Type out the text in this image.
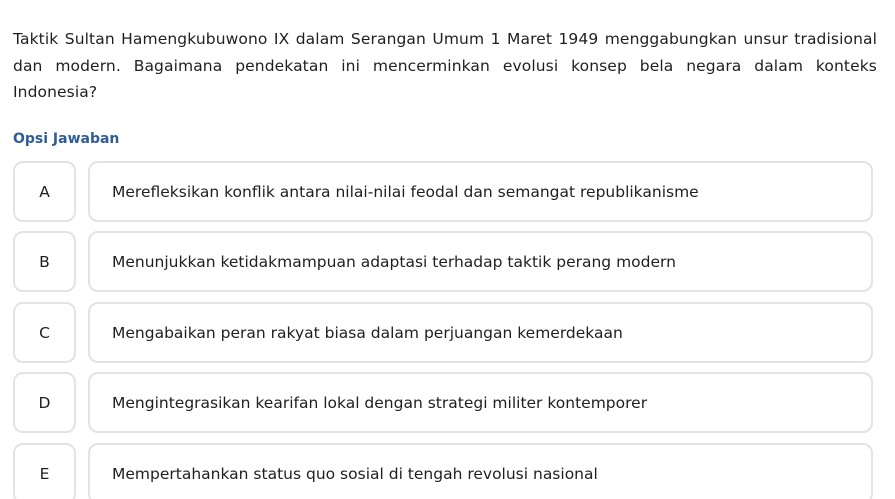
Taktik Sultan Hamengkubuwono IX dalam Serangan Umum 1 Maret 1949 menggabungkan unsur tradisional dan modern. Bagaimana pendekatan ini mencerminkan evolusi konsep bela negara dalam konteks Indonesia?

Opsi Jawaban

A	Merefleksikan konflik antara nilai-nilai feodal dan semangat republikanisme
B	Menunjukkan ketidakmampuan adaptasi terhadap taktik perang modern
C	Mengabaikan peran rakyat biasa dalam perjuangan kemerdekaan
D	Mengintegrasikan kearifan lokal dengan strategi militer kontemporer
E	Mempertahankan status quo sosial di tengah revolusi nasional
